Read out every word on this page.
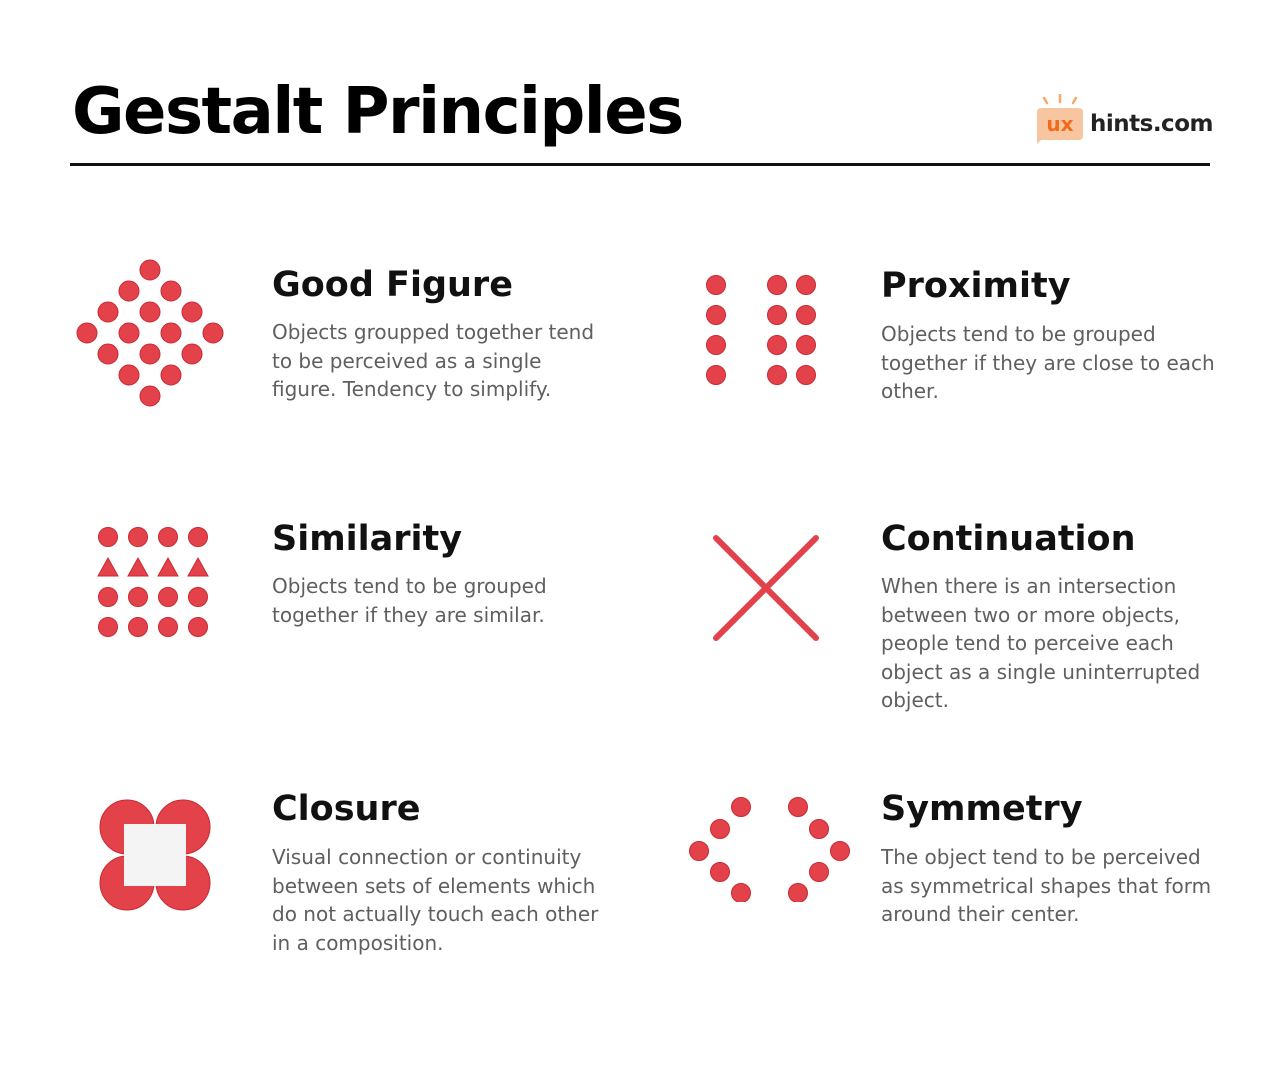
Gestalt Principles	ux hints.com
Good Figure

Objects groupped together tend to be perceived as a single figure. Tendency to simplify.

Proximity

Objects tend to be grouped together if they are close to each other.

Similarity

Objects tend to be grouped together if they are similar.

Continuation

When there is an intersection between two or more objects, people tend to perceive each object as a single uninterrupted object.

Closure

Visual connection or continuity between sets of elements which do not actually touch each other in a composition.

Symmetry

The object tend to be perceived as symmetrical shapes that form around their center.
